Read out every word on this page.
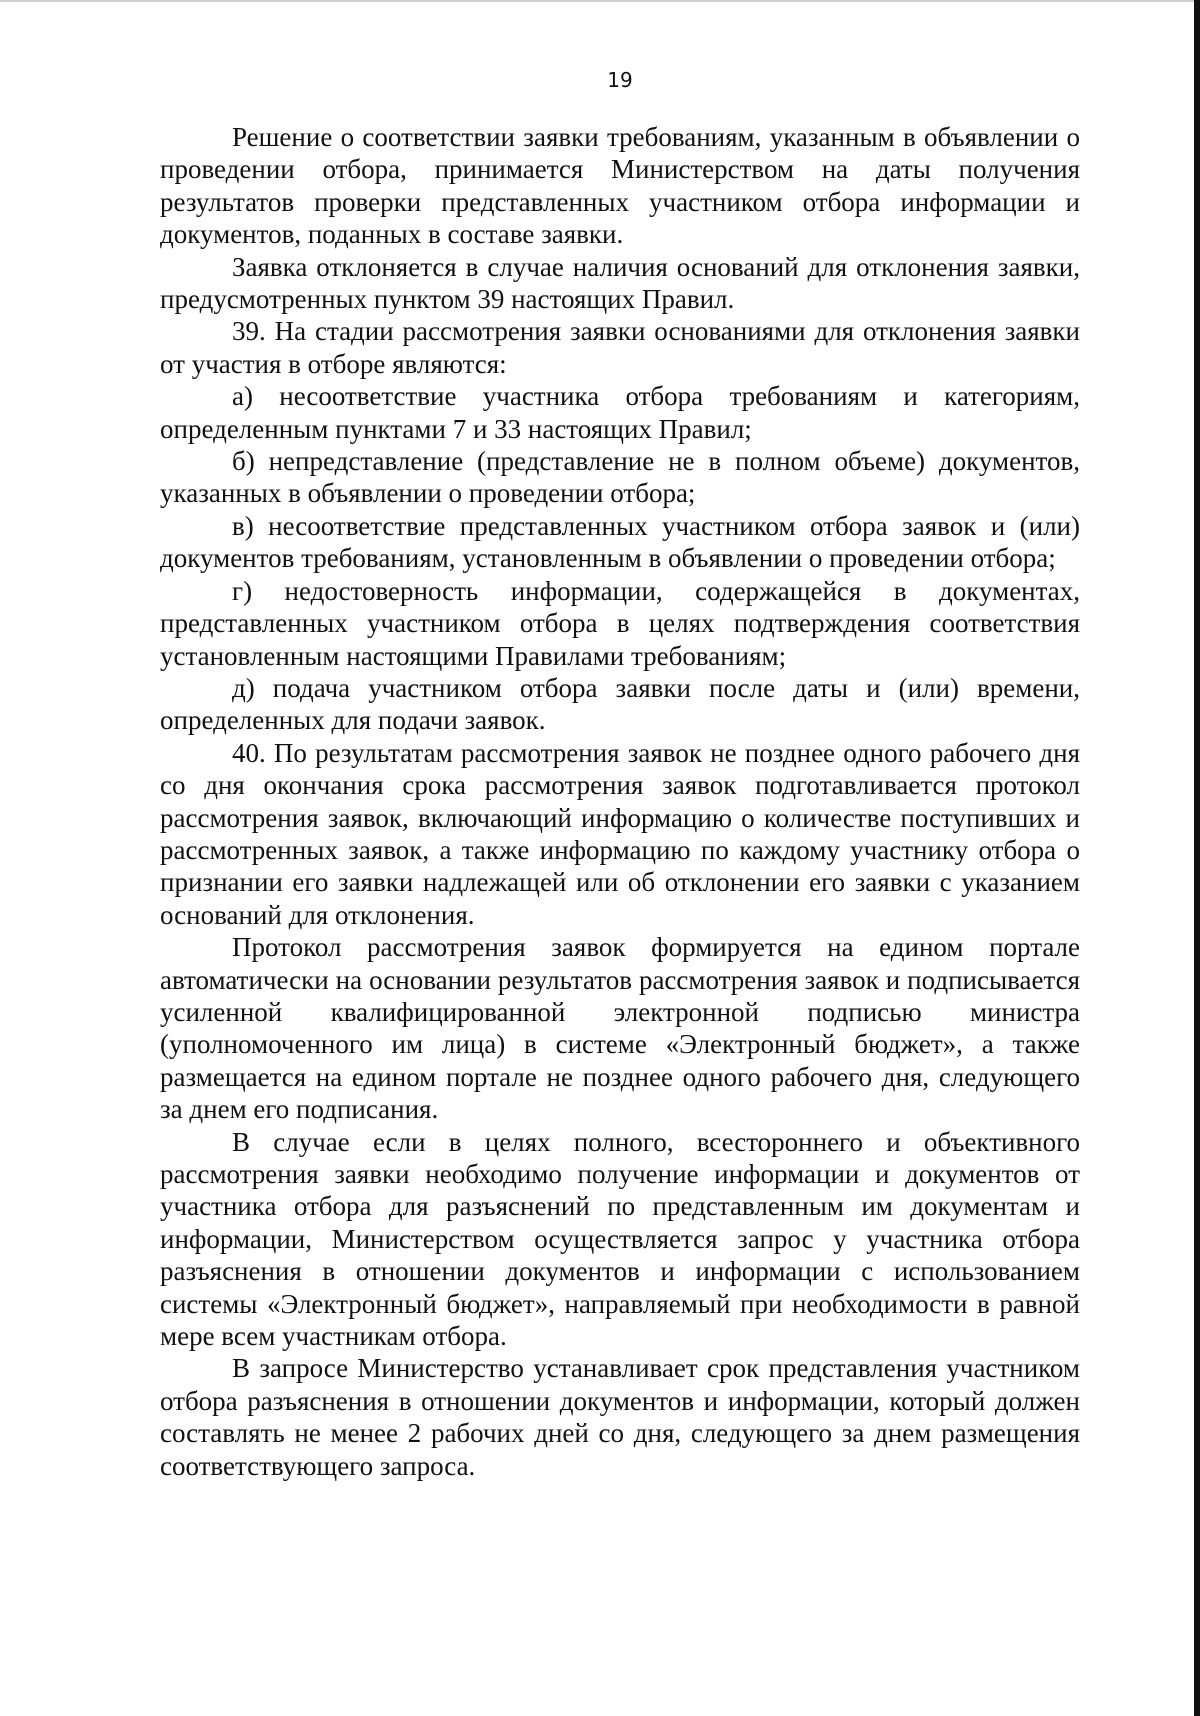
19

Решение о соответствии заявки требованиям, указанным в объявлении о проведении отбора, принимается Министерством на даты получения результатов проверки представленных участником отбора информации и документов, поданных в составе заявки.

Заявка отклоняется в случае наличия оснований для отклонения заявки, предусмотренных пунктом 39 настоящих Правил.

39. На стадии рассмотрения заявки основаниями для отклонения заявки от участия в отборе являются:

а) несоответствие участника отбора требованиям и категориям, определенным пунктами 7 и 33 настоящих Правил;

б) непредставление (представление не в полном объеме) документов, указанных в объявлении о проведении отбора;

в) несоответствие представленных участником отбора заявок и (или) документов требованиям, установленным в объявлении о проведении отбора;

г) недостоверность информации, содержащейся в документах, представленных участником отбора в целях подтверждения соответствия установленным настоящими Правилами требованиям;

д) подача участником отбора заявки после даты и (или) времени, определенных для подачи заявок.

40. По результатам рассмотрения заявок не позднее одного рабочего дня со дня окончания срока рассмотрения заявок подготавливается протокол рассмотрения заявок, включающий информацию о количестве поступивших и рассмотренных заявок, а также информацию по каждому участнику отбора о признании его заявки надлежащей или об отклонении его заявки с указанием оснований для отклонения.

Протокол рассмотрения заявок формируется на едином портале автоматически на основании результатов рассмотрения заявок и подписывается усиленной квалифицированной электронной подписью министра (уполномоченного им лица) в системе «Электронный бюджет», а также размещается на едином портале не позднее одного рабочего дня, следующего за днем его подписания.

В случае если в целях полного, всестороннего и объективного рассмотрения заявки необходимо получение информации и документов от участника отбора для разъяснений по представленным им документам и информации, Министерством осуществляется запрос у участника отбора разъяснения в отношении документов и информации с использованием системы «Электронный бюджет», направляемый при необходимости в равной мере всем участникам отбора.

В запросе Министерство устанавливает срок представления участником отбора разъяснения в отношении документов и информации, который должен составлять не менее 2 рабочих дней со дня, следующего за днем размещения соответствующего запроса.
